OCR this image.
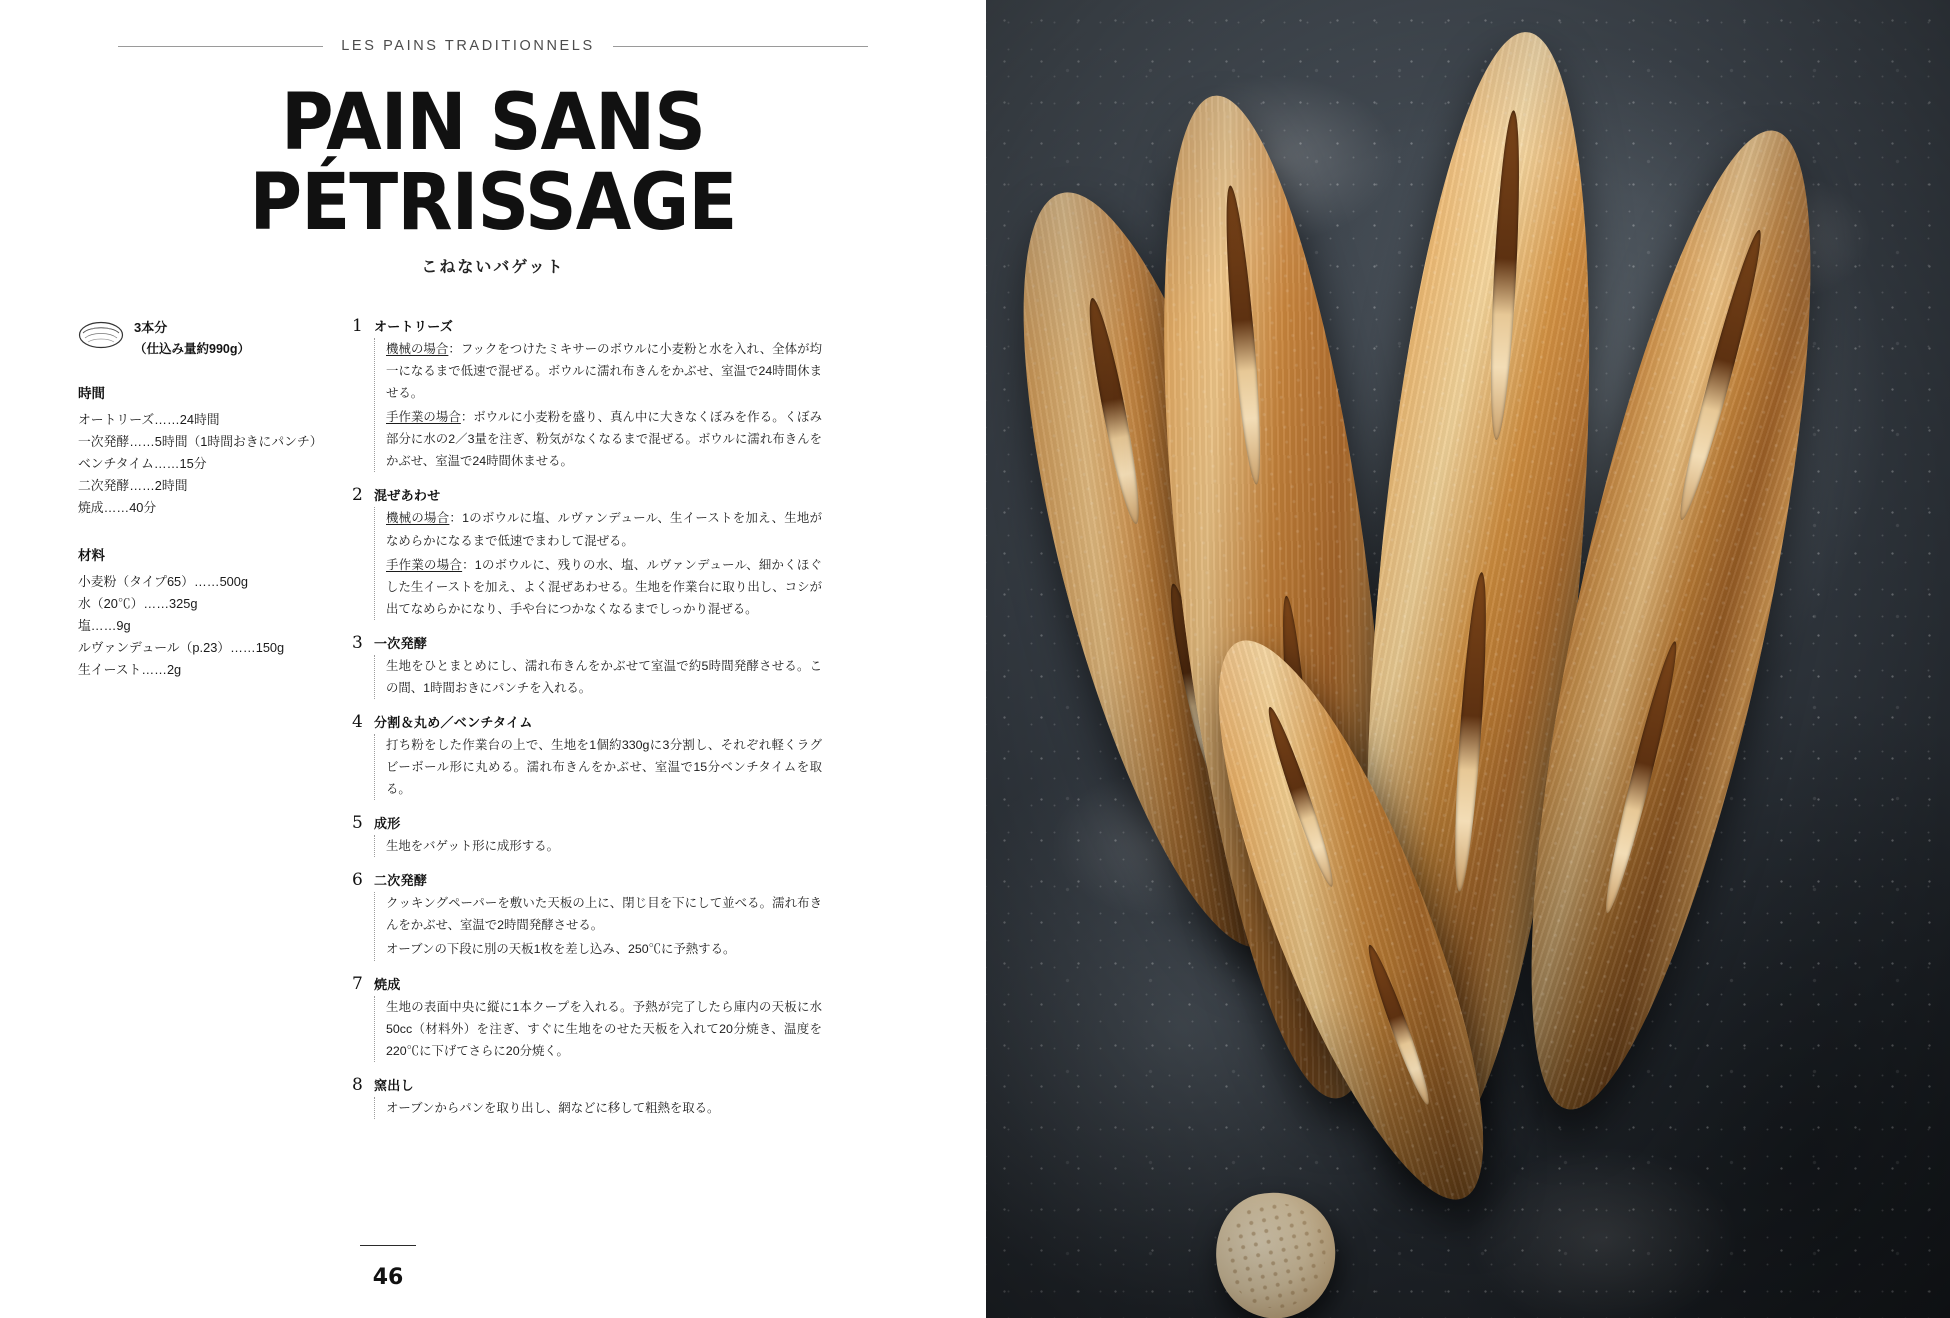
LES PAINS TRADITIONNELS
PAIN SANS
PÉTRISSAGE
こねないバゲット
3本分
（仕込み量約990g）
時間
オートリーズ……24時間
一次発酵……5時間（1時間おきにパンチ）
ベンチタイム……15分
二次発酵……2時間
焼成……40分
材料
小麦粉（タイプ65）……500g
水（20℃）……325g
塩……9g
ルヴァンデュール（p.23）……150g
生イースト……2g
1 オートリーズ

機械の場合：フックをつけたミキサーのボウルに小麦粉と水を入れ、全体が均一になるまで低速で混ぜる。ボウルに濡れ布きんをかぶせ、室温で24時間休ませる。

手作業の場合：ボウルに小麦粉を盛り、真ん中に大きなくぼみを作る。くぼみ部分に水の2／3量を注ぎ、粉気がなくなるまで混ぜる。ボウルに濡れ布きんをかぶせ、室温で24時間休ませる。

2 混ぜあわせ

機械の場合：1のボウルに塩、ルヴァンデュール、生イーストを加え、生地がなめらかになるまで低速でまわして混ぜる。

手作業の場合：1のボウルに、残りの水、塩、ルヴァンデュール、細かくほぐした生イーストを加え、よく混ぜあわせる。生地を作業台に取り出し、コシが出てなめらかになり、手や台につかなくなるまでしっかり混ぜる。

3 一次発酵

生地をひとまとめにし、濡れ布きんをかぶせて室温で約5時間発酵させる。この間、1時間おきにパンチを入れる。

4 分割＆丸め／ベンチタイム

打ち粉をした作業台の上で、生地を1個約330gに3分割し、それぞれ軽くラグビーボール形に丸める。濡れ布きんをかぶせ、室温で15分ベンチタイムを取る。

5 成形

生地をバゲット形に成形する。

6 二次発酵

クッキングペーパーを敷いた天板の上に、閉じ目を下にして並べる。濡れ布きんをかぶせ、室温で2時間発酵させる。

オーブンの下段に別の天板1枚を差し込み、250℃に予熱する。

7 焼成

生地の表面中央に縦に1本クープを入れる。予熱が完了したら庫内の天板に水50cc（材料外）を注ぎ、すぐに生地をのせた天板を入れて20分焼き、温度を220℃に下げてさらに20分焼く。

8 窯出し

オーブンからパンを取り出し、網などに移して粗熱を取る。

46
